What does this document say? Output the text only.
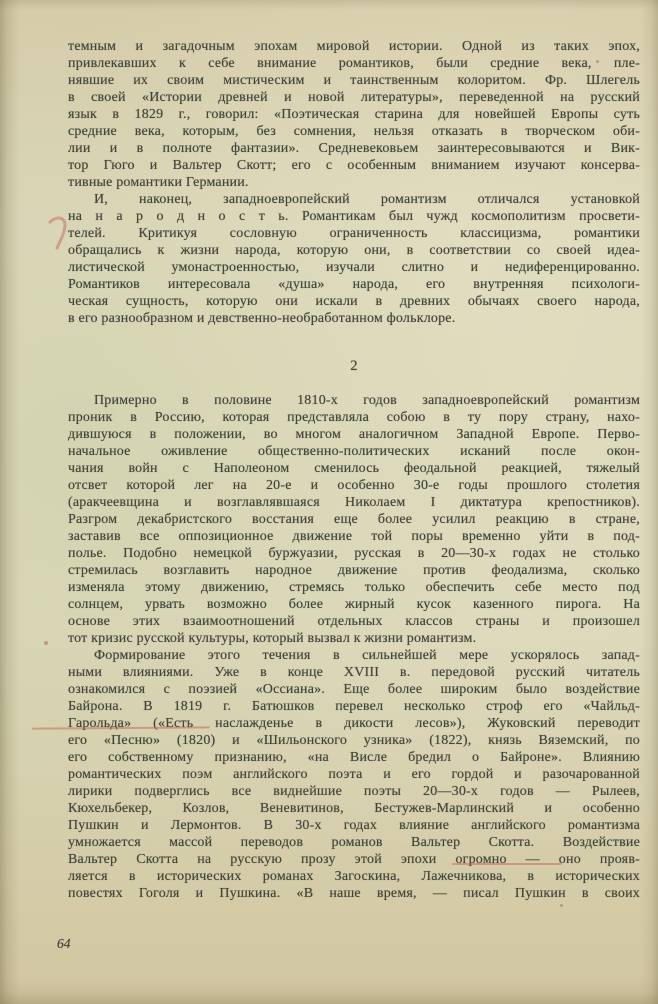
темным и загадочным эпохам мировой истории. Одной из таких эпох,
привлекавших к себе внимание романтиков, были средние века, пле-
нявшие их своим мистическим и таинственным колоритом. Фр. Шлегель
в своей «Истории древней и новой литературы», переведенной на русский
язык в 1829 г., говорил: «Поэтическая старина для новейшей Европы суть
средние века, которым, без сомнения, нельзя отказать в творческом оби-
лии и в полноте фантазии». Средневековьем заинтересовываются и Вик-
тор Гюго и Вальтер Скотт; его с особенным вниманием изучают консерва-
тивные романтики Германии.
И, наконец, западноевропейский романтизм отличался установкой
на н а р о д н о с т ь. Романтикам был чужд космополитизм просвети-
телей. Критикуя сословную ограниченность классицизма, романтики
обращались к жизни народа, которую они, в соответствии со своей идеа-
листической умонастроенностью, изучали слитно и недиференцированно.
Романтиков интересовала «душа» народа, его внутренняя психологи-
ческая сущность, которую они искали в древних обычаях своего народа,
в его разнообразном и девственно-необработанном фольклоре.
2
Примерно в половине 1810-х годов западноевропейский романтизм
проник в Россию, которая представляла собою в ту пору страну, нахо-
дившуюся в положении, во многом аналогичном Западной Европе. Перво-
начальное оживление общественно-политических исканий после окон-
чания войн с Наполеоном сменилось феодальной реакцией, тяжелый
отсвет которой лег на 20-е и особенно 30-е годы прошлого столетия
(аракчеевщина и возглавлявшаяся Николаем I диктатура крепостников).
Разгром декабристского восстания еще более усилил реакцию в стране,
заставив все оппозиционное движение той поры временно уйти в под-
полье. Подобно немецкой буржуазии, русская в 20—30-х годах не столько
стремилась возглавить народное движение против феодализма, сколько
изменяла этому движению, стремясь только обеспечить себе место под
солнцем, урвать возможно более жирный кусок казенного пирога. На
основе этих взаимоотношений отдельных классов страны и произошел
тот кризис русской культуры, который вызвал к жизни романтизм.
Формирование этого течения в сильнейшей мере ускорялось запад-
ными влияниями. Уже в конце XVIII в. передовой русский читатель
ознакомился с поэзией «Оссиана». Еще более широким было воздействие
Байрона. В 1819 г. Батюшков перевел несколько строф его «Чайльд-
Гарольда» («Есть наслажденье в дикости лесов»), Жуковский переводит
его «Песню» (1820) и «Шильонского узника» (1822), князь Вяземский, по
его собственному признанию, «на Висле бредил о Байроне». Влиянию
романтических поэм английского поэта и его гордой и разочарованной
лирики подверглись все виднейшие поэты 20—30-х годов — Рылеев,
Кюхельбекер, Козлов, Веневитинов, Бестужев-Марлинский и особенно
Пушкин и Лермонтов. В 30-х годах влияние английского романтизма
умножается массой переводов романов Вальтер Скотта. Воздействие
Вальтер Скотта на русскую прозу этой эпохи огромно — оно прояв-
ляется в исторических романах Загоскина, Лажечникова, в исторических
повестях Гоголя и Пушкина. «В наше время, — писал Пушкин в своих
64
